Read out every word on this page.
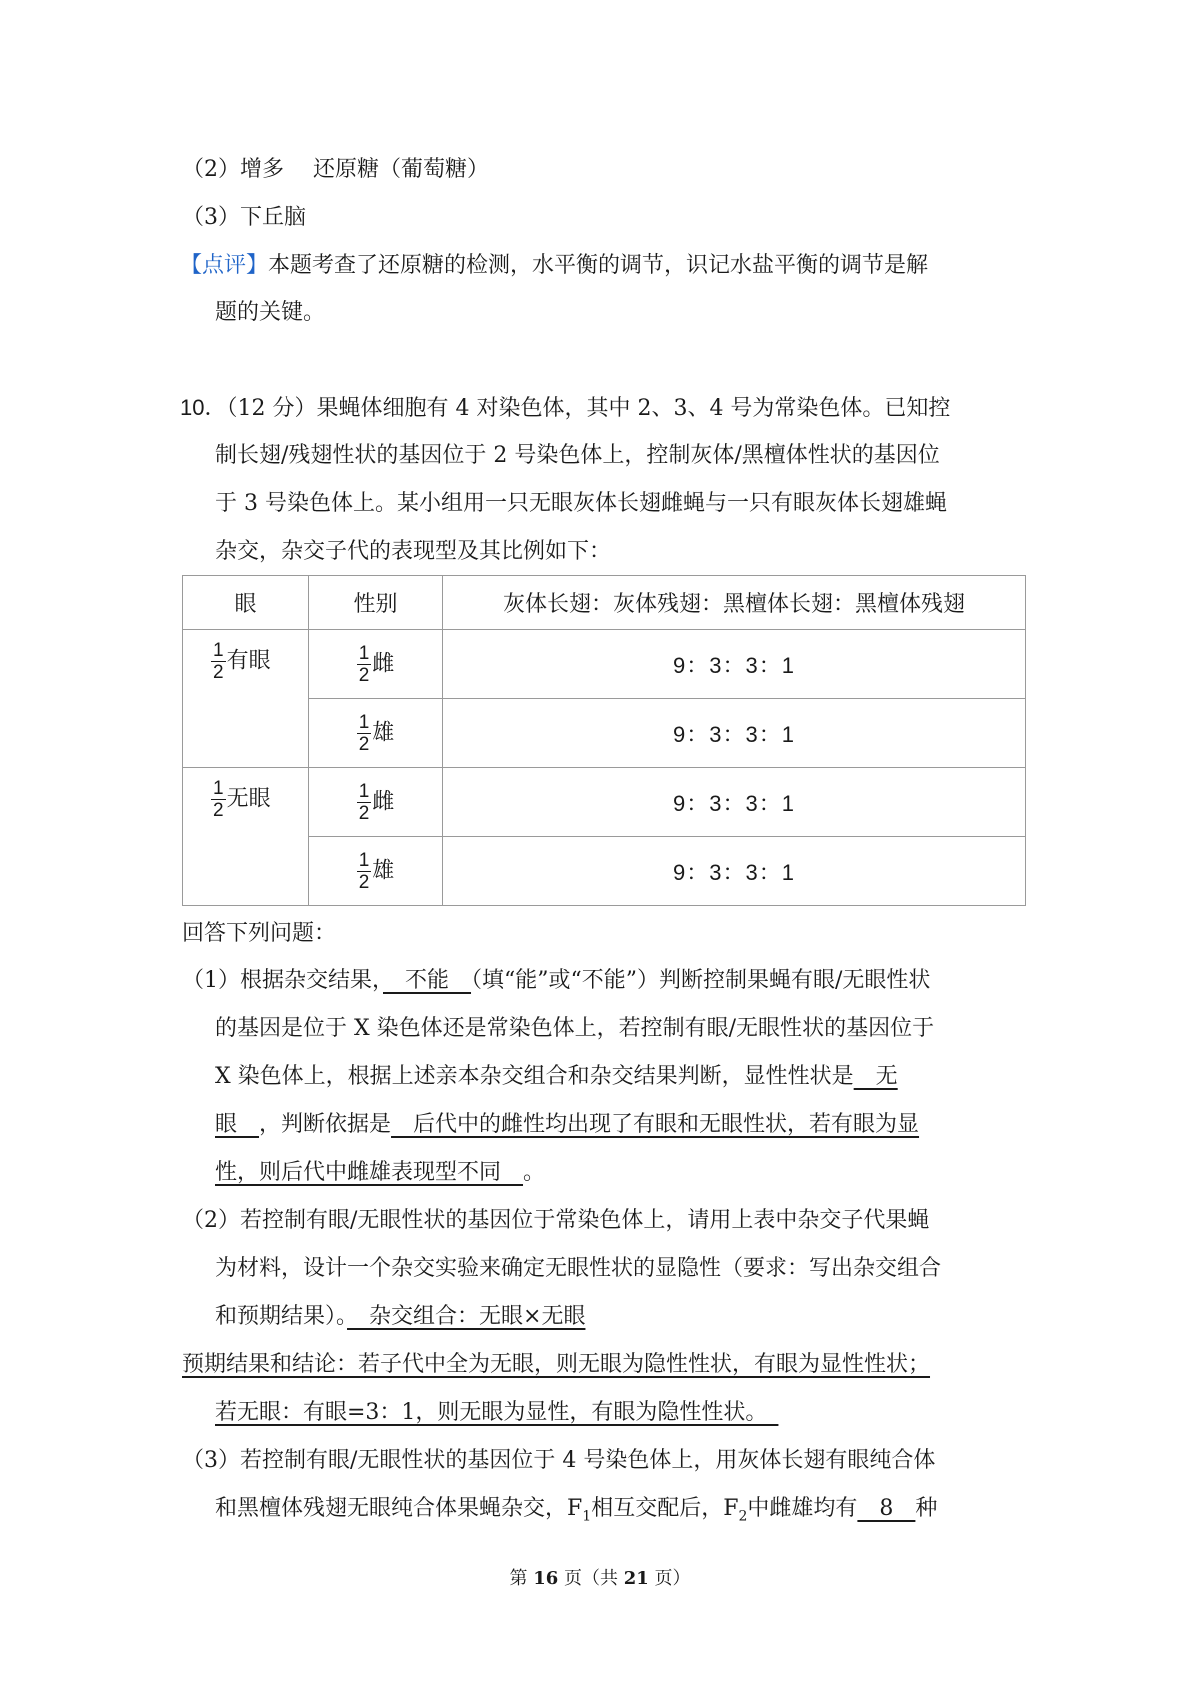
（2）增多　 还原糖（葡萄糖）
（3）下丘脑
【点评】本题考查了还原糖的检测，水平衡的调节，识记水盐平衡的调节是解
题的关键。
10．（12 分）果蝇体细胞有 4 对染色体，其中 2、3、4 号为常染色体。已知控
制长翅/残翅性状的基因位于 2 号染色体上，控制灰体/黑檀体性状的基因位
于 3 号染色体上。某小组用一只无眼灰体长翅雌蝇与一只有眼灰体长翅雄蝇
杂交，杂交子代的表现型及其比例如下：
眼	性别	灰体长翅：灰体残翅：黑檀体长翅：黑檀体残翅

$\frac{1}{2}$ 有眼	$\frac{1}{2}$ 雌	9：3：3：1

	$\frac{1}{2}$ 雄	9：3：3：1

$\frac{1}{2}$ 无眼	$\frac{1}{2}$ 雌	9：3：3：1

	$\frac{1}{2}$ 雄	9：3：3：1
回答下列问题：
（1）根据杂交结果，　不能　（填“能”或“不能”）判断控制果蝇有眼/无眼性状
的基因是位于 X 染色体还是常染色体上，若控制有眼/无眼性状的基因位于
X 染色体上，根据上述亲本杂交组合和杂交结果判断，显性性状是　无
眼　，判断依据是　后代中的雌性均出现了有眼和无眼性状，若有眼为显
性，则后代中雌雄表现型不同　。
（2）若控制有眼/无眼性状的基因位于常染色体上，请用上表中杂交子代果蝇
为材料，设计一个杂交实验来确定无眼性状的显隐性（要求：写出杂交组合
和预期结果）。　杂交组合：无眼×无眼
预期结果和结论：若子代中全为无眼，则无眼为隐性性状，有眼为显性性状；
若无眼：有眼=3：1，则无眼为显性，有眼为隐性性状。　
（3）若控制有眼/无眼性状的基因位于 4 号染色体上，用灰体长翅有眼纯合体
和黑檀体残翅无眼纯合体果蝇杂交，$F_1$相互交配后，$F_2$中雌雄均有　8　种
第 16 页（共 21 页）
